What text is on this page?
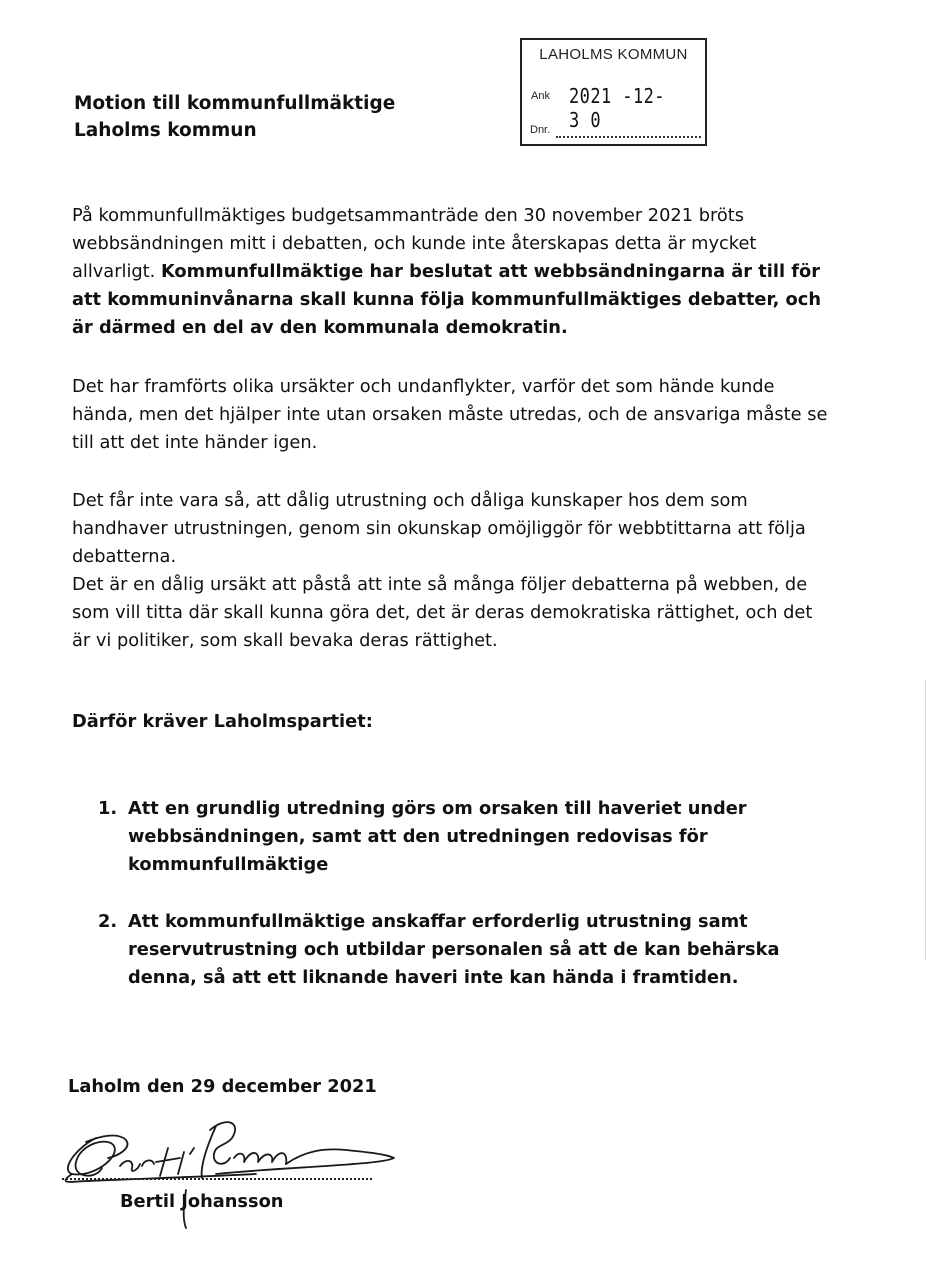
Motion till kommunfullmäktige
Laholms kommun
LAHOLMS KOMMUN
Ank 2021 -12- 3 0
Dnr.
På kommunfullmäktiges budgetsammanträde den 30 november 2021 bröts webbsändningen mitt i debatten, och kunde inte återskapas detta är mycket allvarligt. Kommunfullmäktige har beslutat att webbsändningarna är till för att kommuninvånarna skall kunna följa kommunfullmäktiges debatter, och är därmed en del av den kommunala demokratin.
Det har framförts olika ursäkter och undanflykter, varför det som hände kunde hända, men det hjälper inte utan orsaken måste utredas, och de ansvariga måste se till att det inte händer igen.
Det får inte vara så, att dålig utrustning och dåliga kunskaper hos dem som handhaver utrustningen, genom sin okunskap omöjliggör för webbtittarna att följa debatterna.
Det är en dålig ursäkt att påstå att inte så många följer debatterna på webben, de som vill titta där skall kunna göra det, det är deras demokratiska rättighet, och det är vi politiker, som skall bevaka deras rättighet.
Därför kräver Laholmspartiet:
1. Att en grundlig utredning görs om orsaken till haveriet under webbsändningen, samt att den utredningen redovisas för kommunfullmäktige
2. Att kommunfullmäktige anskaffar erforderlig utrustning samt reservutrustning och utbildar personalen så att de kan behärska denna, så att ett liknande haveri inte kan hända i framtiden.
Laholm den 29 december 2021
Bertil Johansson
